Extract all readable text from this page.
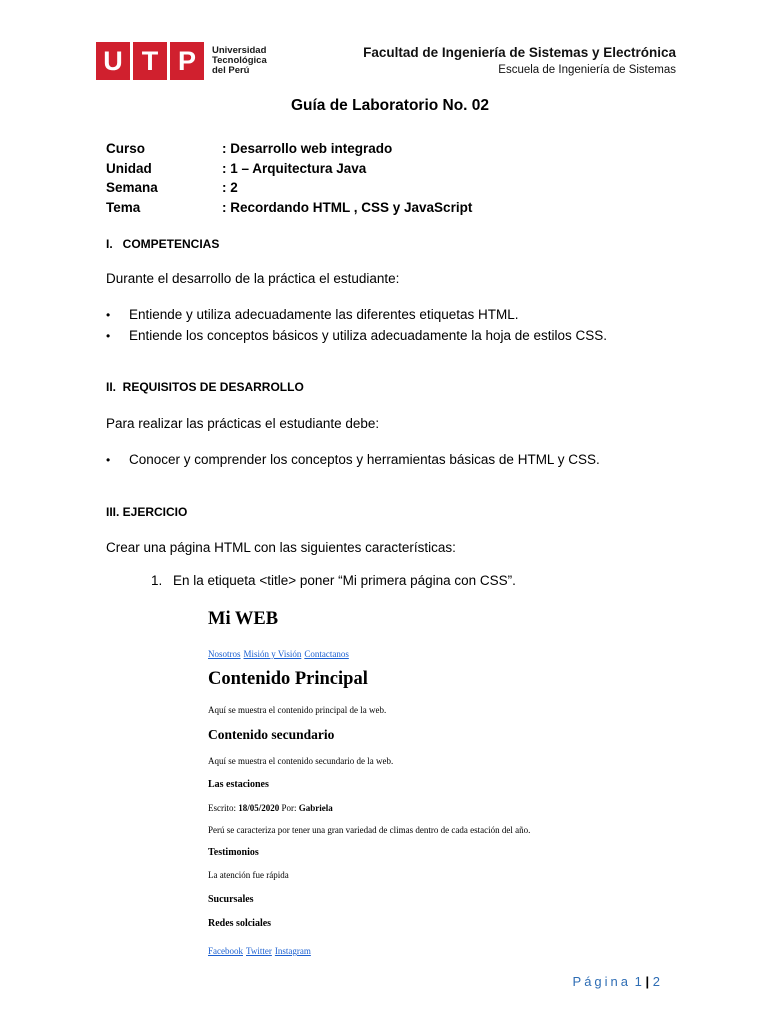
U T P	Universidad
Tecnológica
del Perú
Facultad de Ingeniería de Sistemas y Electrónica
Escuela de Ingeniería de Sistemas
Guía de Laboratorio No. 02
Curso	: Desarrollo web integrado
Unidad	: 1 – Arquitectura Java
Semana	: 2
Tema	: Recordando HTML , CSS y JavaScript
I.   COMPETENCIAS
Durante el desarrollo de la práctica el estudiante:
•	Entiende y utiliza adecuadamente las diferentes etiquetas HTML.
•	Entiende los conceptos básicos y utiliza adecuadamente la hoja de estilos CSS.
II.  REQUISITOS DE DESARROLLO
Para realizar las prácticas el estudiante debe:
•	Conocer y comprender los conceptos y herramientas básicas de HTML y CSS.
III. EJERCICIO
Crear una página HTML con las siguientes características:
1. En la etiqueta <title> poner “Mi primera página con CSS”.
Mi WEB
Nosotros Misión y Visión Contactanos
Contenido Principal
Aquí se muestra el contenido principal de la web.
Contenido secundario
Aquí se muestra el contenido secundario de la web.
Las estaciones
Escrito: 18/05/2020 Por: Gabriela
Perú se caracteriza por tener una gran variedad de climas dentro de cada estación del año.
Testimonios
La atención fue rápida
Sucursales
Redes solciales
Facebook Twitter Instagram
Página 1 | 2
